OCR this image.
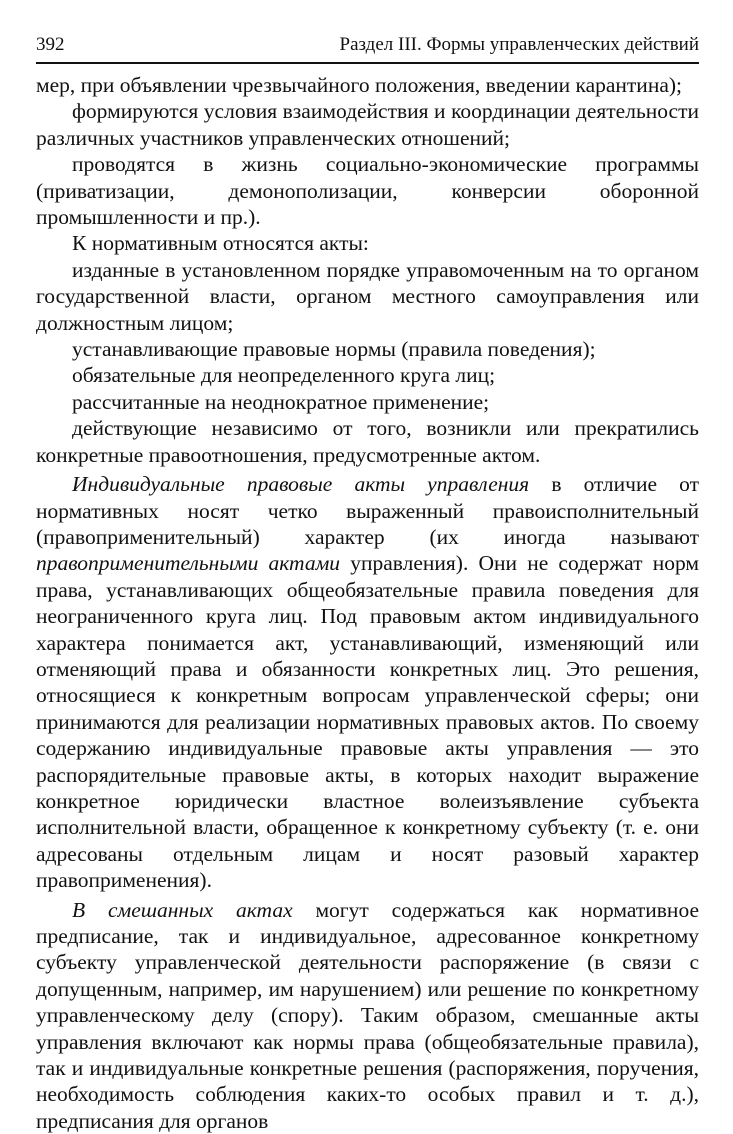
392	Раздел III. Формы управленческих действий

мер, при объявлении чрезвычайного положения, введении карантина);

формируются условия взаимодействия и координации деятельности различных участников управленческих отношений;

проводятся в жизнь социально-экономические программы (приватизации, демонополизации, конверсии оборонной промышленности и пр.).

К нормативным относятся акты:

изданные в установленном порядке управомоченным на то органом государственной власти, органом местного самоуправления или должностным лицом;

устанавливающие правовые нормы (правила поведения);

обязательные для неопределенного круга лиц;

рассчитанные на неоднократное применение;

действующие независимо от того, возникли или прекратились конкретные правоотношения, предусмотренные актом.

Индивидуальные правовые акты управления в отличие от нормативных носят четко выраженный правоисполнительный (правоприменительный) характер (их иногда называют правоприменительными актами управления). Они не содержат норм права, устанавливающих общеобязательные правила поведения для неограниченного круга лиц. Под правовым актом индивидуального характера понимается акт, устанавливающий, изменяющий или отменяющий права и обязанности конкретных лиц. Это решения, относящиеся к конкретным вопросам управленческой сферы; они принимаются для реализации нормативных правовых актов. По своему содержанию индивидуальные правовые акты управления — это распорядительные правовые акты, в которых находит выражение конкретное юридически властное волеизъявление субъекта исполнительной власти, обращенное к конкретному субъекту (т. е. они адресованы отдельным лицам и носят разовый характер правоприменения).

В смешанных актах могут содержаться как нормативное предписание, так и индивидуальное, адресованное конкретному субъекту управленческой деятельности распоряжение (в связи с допущенным, например, им нарушением) или решение по конкретному управленческому делу (спору). Таким образом, смешанные акты управления включают как нормы права (общеобязательные правила), так и индивидуальные конкретные решения (распоряжения, поручения, необходимость соблюдения каких-то особых правил и т. д.), предписания для органов
